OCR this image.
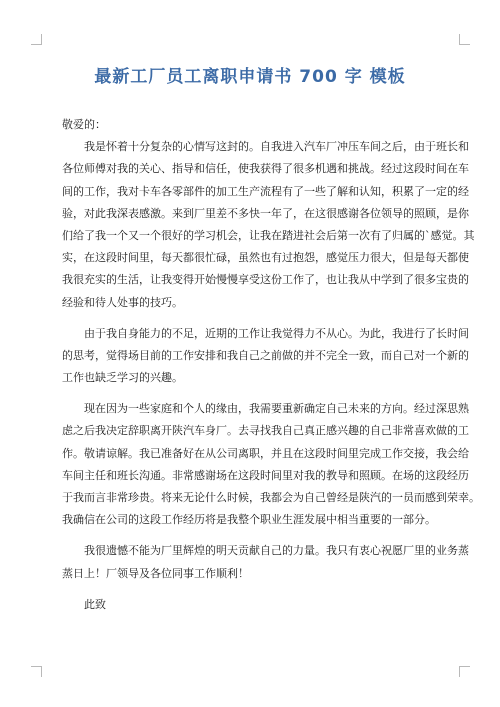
最新工厂员工离职申请书 700 字 模板
敬爱的：
我是怀着十分复杂的心情写这封的。自我进入汽车厂冲压车间之后，由于班长和
各位师傅对我的关心、指导和信任，使我获得了很多机遇和挑战。经过这段时间在车
间的工作，我对卡车各零部件的加工生产流程有了一些了解和认知，积累了一定的经
验，对此我深表感激。来到厂里差不多快一年了，在这很感谢各位领导的照顾，是你
们给了我一个又一个很好的学习机会，让我在踏进社会后第一次有了归属的`感觉。其
实，在这段时间里，每天都很忙碌，虽然也有过抱怨，感觉压力很大，但是每天都使
我很充实的生活，让我变得开始慢慢享受这份工作了，也让我从中学到了很多宝贵的
经验和待人处事的技巧。
由于我自身能力的不足，近期的工作让我觉得力不从心。为此，我进行了长时间
的思考，觉得场目前的工作安排和我自己之前做的并不完全一致，而自己对一个新的
工作也缺乏学习的兴趣。
现在因为一些家庭和个人的缘由，我需要重新确定自己未来的方向。经过深思熟
虑之后我决定辞职离开陕汽车身厂。去寻找我自己真正感兴趣的自己非常喜欢做的工
作。敬请谅解。我已准备好在从公司离职，并且在这段时间里完成工作交接，我会给
车间主任和班长沟通。非常感谢场在这段时间里对我的教导和照顾。在场的这段经历
于我而言非常珍贵。将来无论什么时候，我都会为自己曾经是陕汽的一员而感到荣幸。
我确信在公司的这段工作经历将是我整个职业生涯发展中相当重要的一部分。
我很遗憾不能为厂里辉煌的明天贡献自己的力量。我只有衷心祝愿厂里的业务蒸
蒸日上！厂领导及各位同事工作顺利！
此致
